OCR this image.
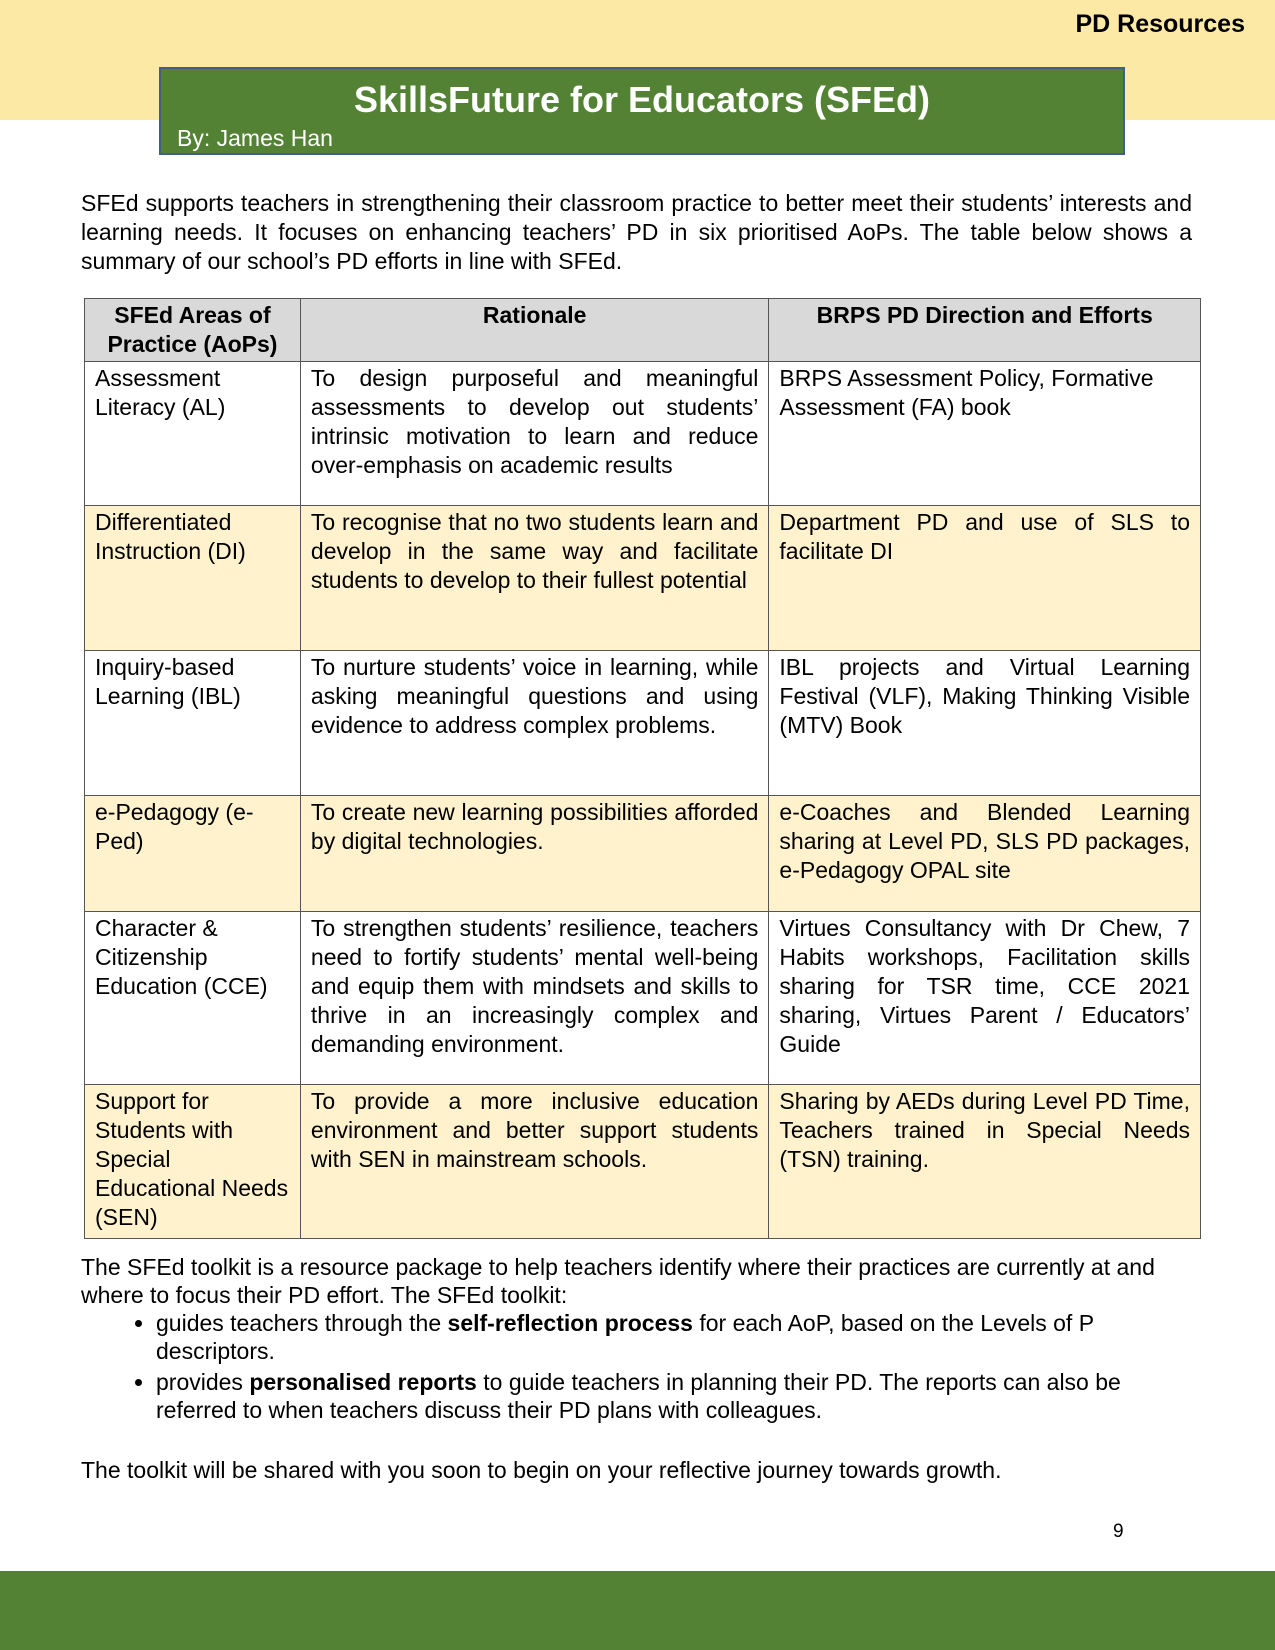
PD Resources
SkillsFuture for Educators (SFEd)
By: James Han
SFEd supports teachers in strengthening their classroom practice to better meet their students’ interests and learning needs. It focuses on enhancing teachers’ PD in six prioritised AoPs. The table below shows a summary of our school’s PD efforts in line with SFEd.
SFEd Areas of Practice (AoPs)	Rationale	BRPS PD Direction and Efforts
Assessment Literacy (AL)	To design purposeful and meaningful assessments to develop out students’ intrinsic motivation to learn and reduce over-emphasis on academic results	BRPS Assessment Policy, Formative Assessment (FA) book
Differentiated Instruction (DI)	To recognise that no two students learn and develop in the same way and facilitate students to develop to their fullest potential	Department PD and use of SLS to facilitate DI
Inquiry-based Learning (IBL)	To nurture students’ voice in learning, while asking meaningful questions and using evidence to address complex problems.	IBL projects and Virtual Learning Festival (VLF), Making Thinking Visible (MTV) Book
e-Pedagogy (e-Ped)	To create new learning possibilities afforded by digital technologies.	e-Coaches and Blended Learning sharing at Level PD, SLS PD packages, e-Pedagogy OPAL site
Character & Citizenship Education (CCE)	To strengthen students’ resilience, teachers need to fortify students’ mental well-being and equip them with mindsets and skills to thrive in an increasingly complex and demanding environment.	Virtues Consultancy with Dr Chew, 7 Habits workshops, Facilitation skills sharing for TSR time, CCE 2021 sharing, Virtues Parent / Educators’ Guide
Support for Students with Special Educational Needs (SEN)	To provide a more inclusive education environment and better support students with SEN in mainstream schools.	Sharing by AEDs during Level PD Time, Teachers trained in Special Needs (TSN) training.

The SFEd toolkit is a resource package to help teachers identify where their practices are currently at and where to focus their PD effort. The SFEd toolkit:

• guides teachers through the self-reflection process for each AoP, based on the Levels of P descriptors.
• provides personalised reports to guide teachers in planning their PD. The reports can also be referred to when teachers discuss their PD plans with colleagues.
The toolkit will be shared with you soon to begin on your reflective journey towards growth.
9
